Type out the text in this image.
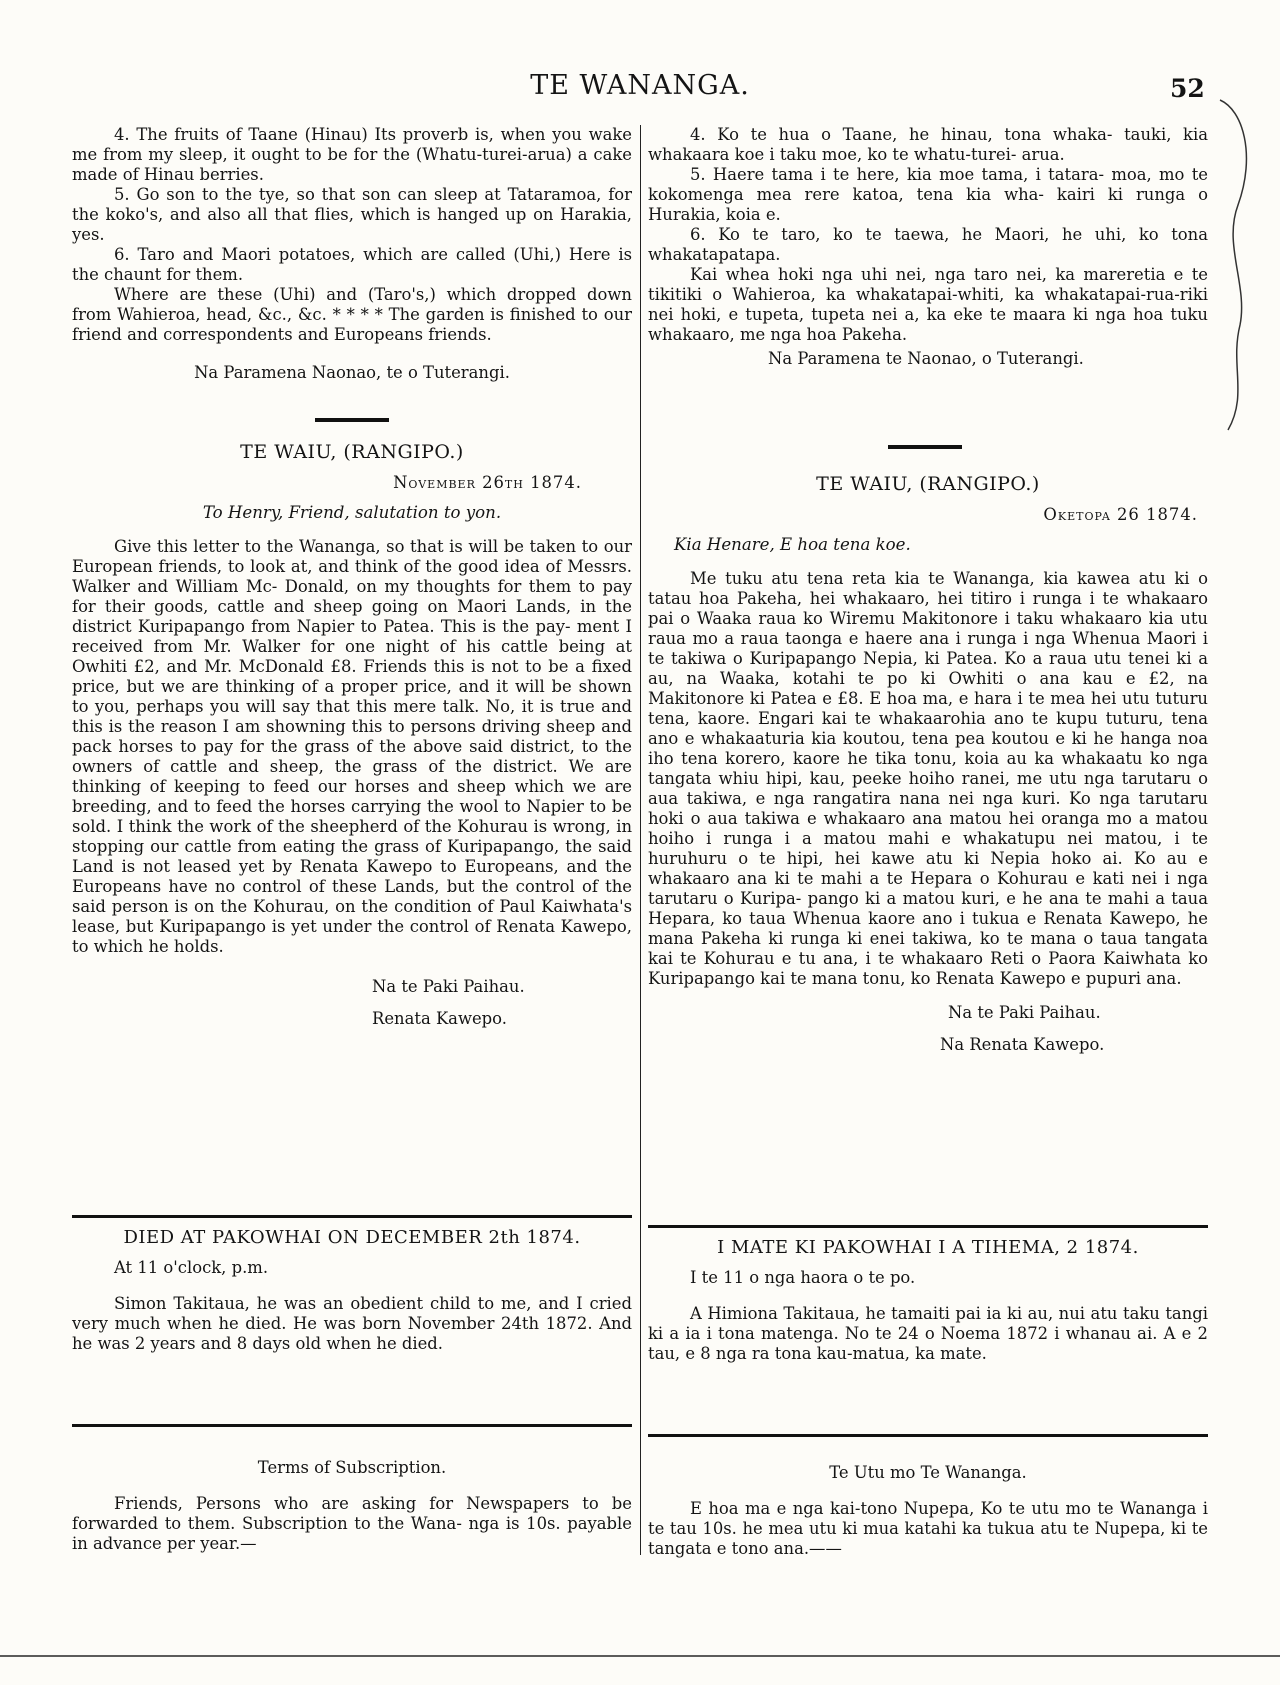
TE WANANGA.	52

4. The fruits of Taane (Hinau) Its proverb is, when you wake me from my sleep, it ought to be for the (Whatu-turei-arua) a cake made of Hinau berries.

5. Go son to the tye, so that son can sleep at Tataramoa, for the koko's, and also all that flies, which is hanged up on Harakia, yes.

6. Taro and Maori potatoes, which are called (Uhi,) Here is the chaunt for them.

Where are these (Uhi) and (Taro's,) which dropped down from Wahieroa, head, &c., &c. * * * * The garden is finished to our friend and correspondents and Europeans friends.

Na Paramena Naonao, te o Tuterangi.

TE WAIU, (RANGIPO.)

November 26th 1874.

To Henry, Friend, salutation to yon.

Give this letter to the Wananga, so that is will be taken to our European friends, to look at, and think of the good idea of Messrs. Walker and William Mc- Donald, on my thoughts for them to pay for their goods, cattle and sheep going on Maori Lands, in the district Kuripapango from Napier to Patea. This is the pay- ment I received from Mr. Walker for one night of his cattle being at Owhiti £2, and Mr. McDonald £8. Friends this is not to be a fixed price, but we are thinking of a proper price, and it will be shown to you, perhaps you will say that this mere talk. No, it is true and this is the reason I am showning this to persons driving sheep and pack horses to pay for the grass of the above said district, to the owners of cattle and sheep, the grass of the district. We are thinking of keeping to feed our horses and sheep which we are breeding, and to feed the horses carrying the wool to Napier to be sold. I think the work of the sheepherd of the Kohurau is wrong, in stopping our cattle from eating the grass of Kuripapango, the said Land is not leased yet by Renata Kawepo to Europeans, and the Europeans have no control of these Lands, but the control of the said person is on the Kohurau, on the condition of Paul Kaiwhata's lease, but Kuripapango is yet under the control of Renata Kawepo, to which he holds.

Na te Paki Paihau.

Renata Kawepo.

DIED AT PAKOWHAI ON DECEMBER 2th 1874.

At 11 o'clock, p.m.

Simon Takitaua, he was an obedient child to me, and I cried very much when he died. He was born November 24th 1872. And he was 2 years and 8 days old when he died.

Terms of Subscription.

Friends, Persons who are asking for Newspapers to be forwarded to them. Subscription to the Wana- nga is 10s. payable in advance per year.—

4. Ko te hua o Taane, he hinau, tona whaka- tauki, kia whakaara koe i taku moe, ko te whatu-turei- arua.

5. Haere tama i te here, kia moe tama, i tatara- moa, mo te kokomenga mea rere katoa, tena kia wha- kairi ki runga o Hurakia, koia e.

6. Ko te taro, ko te taewa, he Maori, he uhi, ko tona whakatapatapa.

Kai whea hoki nga uhi nei, nga taro nei, ka mareretia e te tikitiki o Wahieroa, ka whakatapai-whiti, ka whakatapai-rua-riki nei hoki, e tupeta, tupeta nei a, ka eke te maara ki nga hoa tuku whakaaro, me nga hoa Pakeha.

Na Paramena te Naonao, o Tuterangi.

TE WAIU, (RANGIPO.)

Oketopa 26 1874.

Kia Henare, E hoa tena koe.

Me tuku atu tena reta kia te Wananga, kia kawea atu ki o tatau hoa Pakeha, hei whakaaro, hei titiro i runga i te whakaaro pai o Waaka raua ko Wiremu Makitonore i taku whakaaro kia utu raua mo a raua taonga e haere ana i runga i nga Whenua Maori i te takiwa o Kuripapango Nepia, ki Patea. Ko a raua utu tenei ki a au, na Waaka, kotahi te po ki Owhiti o ana kau e £2, na Makitonore ki Patea e £8. E hoa ma, e hara i te mea hei utu tuturu tena, kaore. Engari kai te whakaarohia ano te kupu tuturu, tena ano e whakaaturia kia koutou, tena pea koutou e ki he hanga noa iho tena korero, kaore he tika tonu, koia au ka whakaatu ko nga tangata whiu hipi, kau, peeke hoiho ranei, me utu nga tarutaru o aua takiwa, e nga rangatira nana nei nga kuri. Ko nga tarutaru hoki o aua takiwa e whakaaro ana matou hei oranga mo a matou hoiho i runga i a matou mahi e whakatupu nei matou, i te huruhuru o te hipi, hei kawe atu ki Nepia hoko ai. Ko au e whakaaro ana ki te mahi a te Hepara o Kohurau e kati nei i nga tarutaru o Kuripa- pango ki a matou kuri, e he ana te mahi a taua Hepara, ko taua Whenua kaore ano i tukua e Renata Kawepo, he mana Pakeha ki runga ki enei takiwa, ko te mana o taua tangata kai te Kohurau e tu ana, i te whakaaro Reti o Paora Kaiwhata ko Kuripapango kai te mana tonu, ko Renata Kawepo e pupuri ana.

Na te Paki Paihau.

Na Renata Kawepo.

I MATE KI PAKOWHAI I A TIHEMA, 2 1874.

I te 11 o nga haora o te po.

A Himiona Takitaua, he tamaiti pai ia ki au, nui atu taku tangi ki a ia i tona matenga. No te 24 o Noema 1872 i whanau ai. A e 2 tau, e 8 nga ra tona kau-matua, ka mate.

Te Utu mo Te Wananga.

E hoa ma e nga kai-tono Nupepa, Ko te utu mo te Wananga i te tau 10s. he mea utu ki mua katahi ka tukua atu te Nupepa, ki te tangata e tono ana.——
